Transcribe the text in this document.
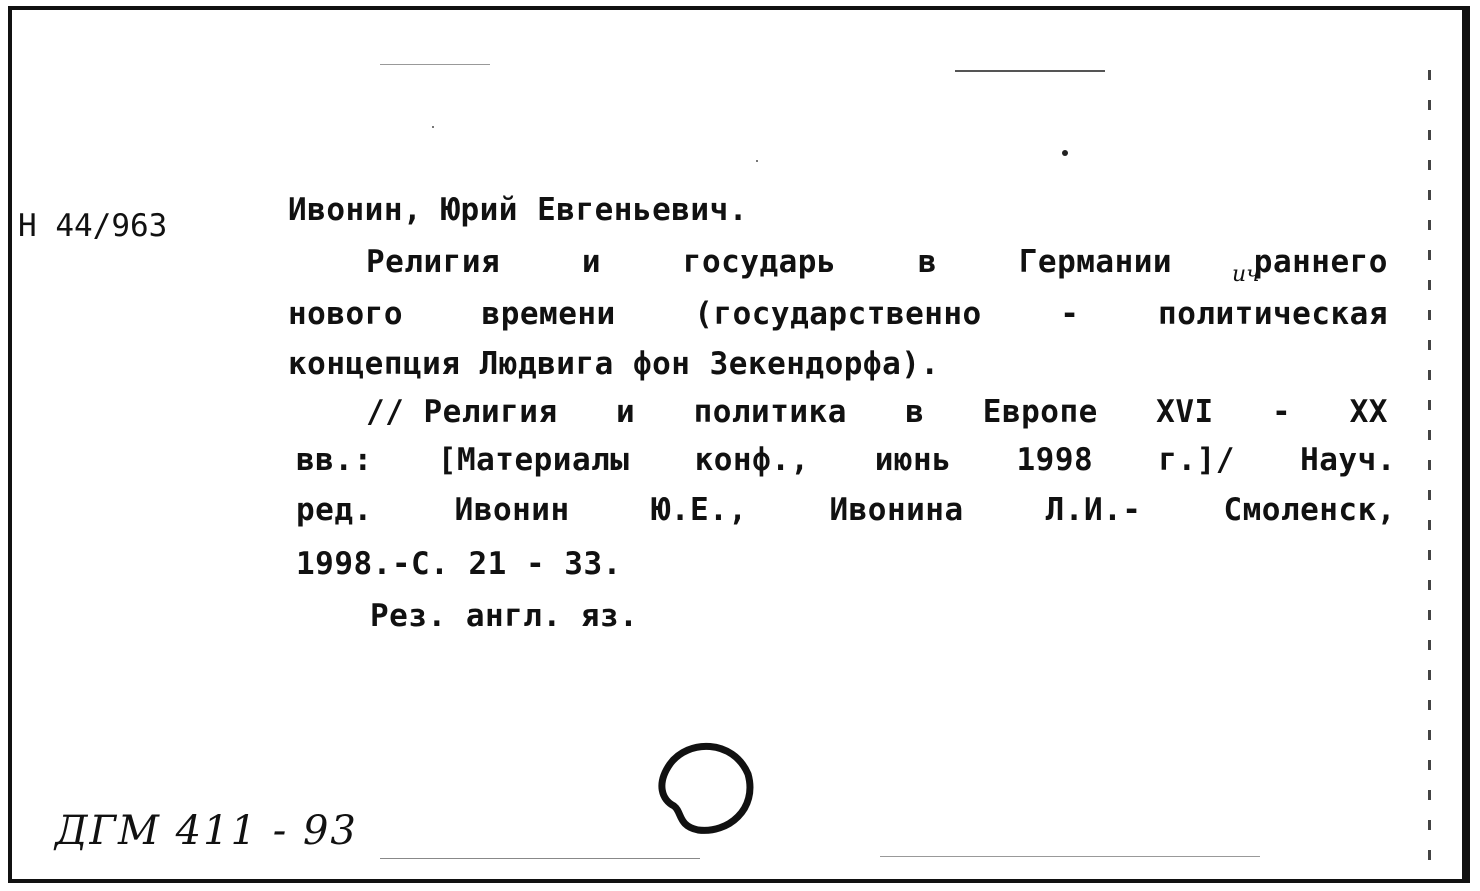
Н 44/963	Ивонин, Юрий Евгеньевич.
Религия	и	государь	в	Германии	раннего
ич
нового	времени	(государственно	-	политическая
концепция Людвига фон Зекендорфа).
// Религия и политика в Европе XVI - XX
вв.: [Материалы конф., июнь 1998 г.]/ Науч.
ред.	Ивонин	Ю.Е.,	Ивонина	Л.И.-	Смоленск,
1998.-С. 21 - 33.
Рез. англ. яз.
ДГМ 411 - 93
